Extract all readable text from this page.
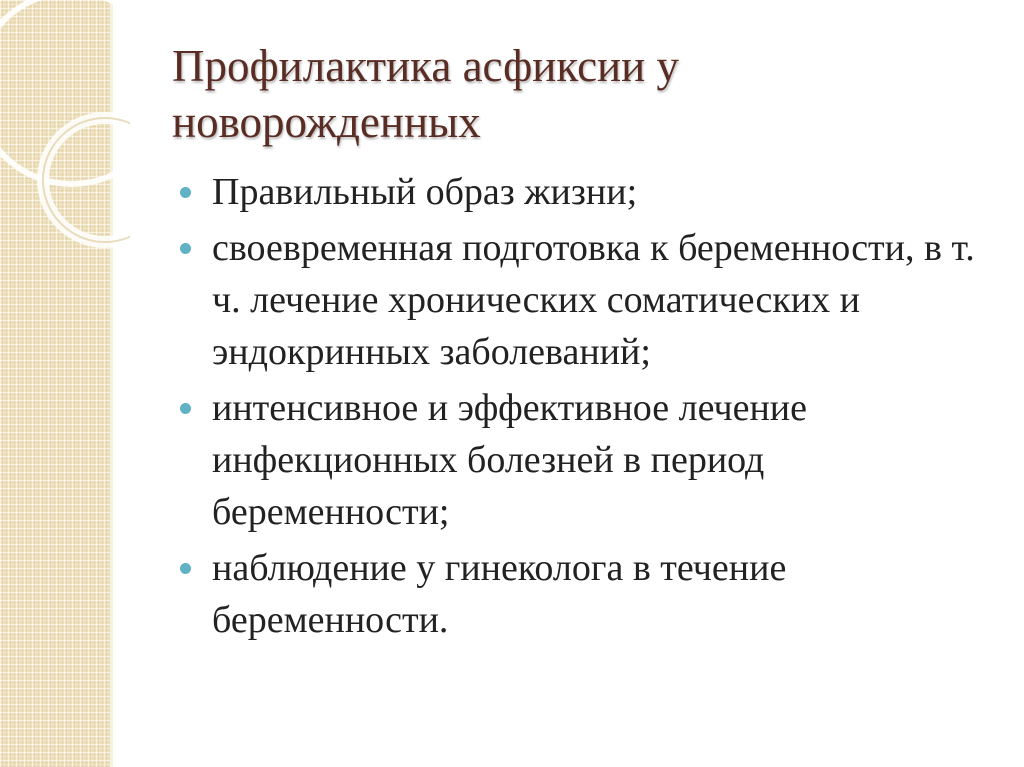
Профилактика асфиксии у новорожденных
Правильный образ жизни;
своевременная подготовка к беременности, в т. ч. лечение хронических соматических и эндокринных заболеваний;
интенсивное и эффективное лечение инфекционных болезней в период беременности;
наблюдение у гинеколога в течение беременности.
